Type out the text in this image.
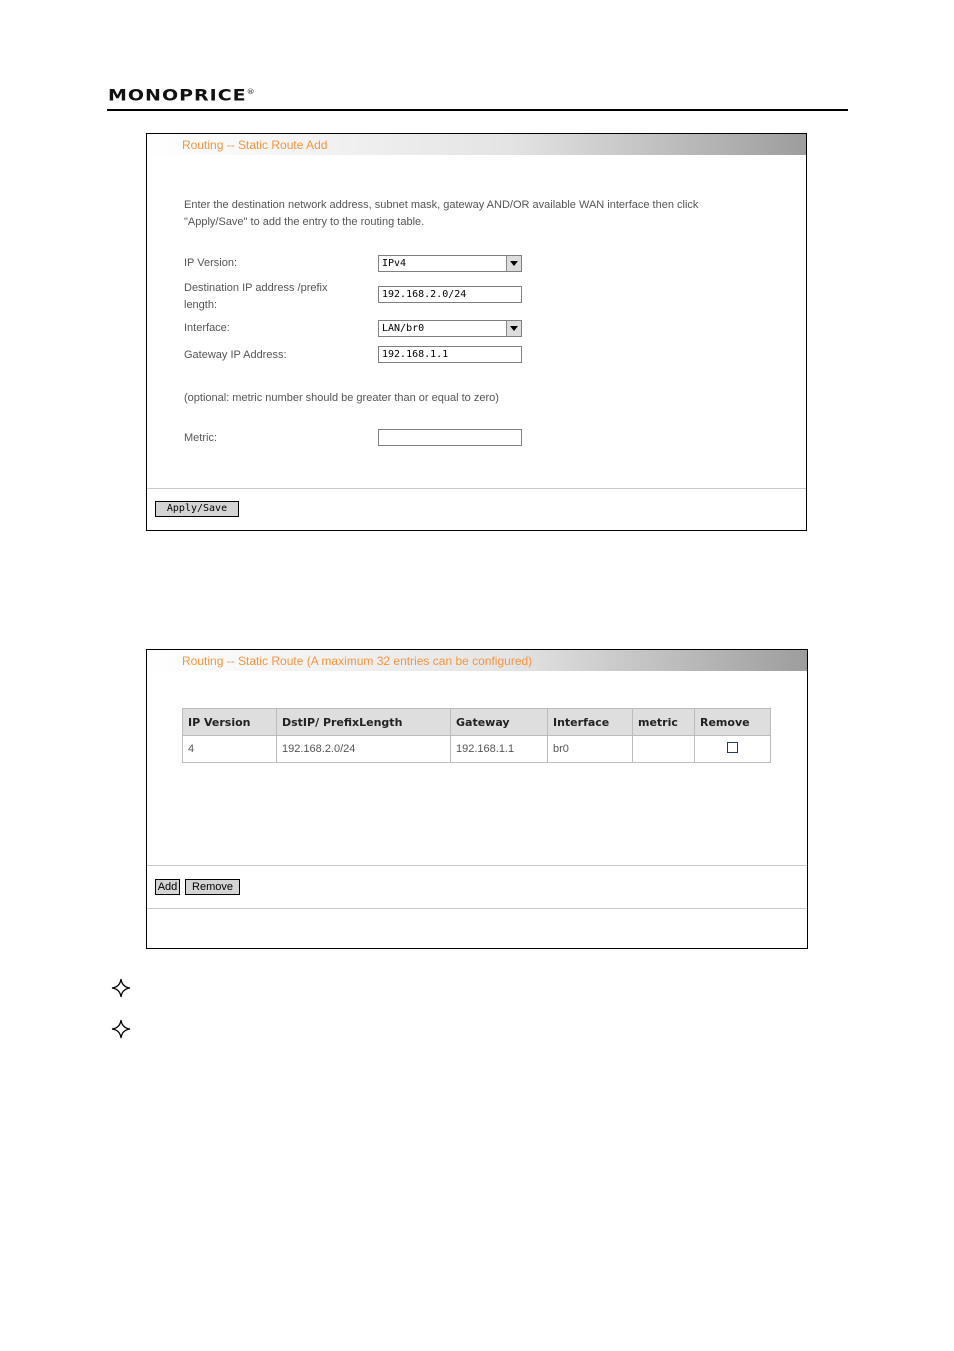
MONOPRICE®
Routing -- Static Route Add
Enter the destination network address, subnet mask, gateway AND/OR available WAN interface then click
"Apply/Save" to add the entry to the routing table.
IP Version:	IPv4
Destination IP address /prefix
length:
192.168.2.0/24
Interface:	LAN/br0
Gateway IP Address:	192.168.1.1
(optional: metric number should be greater than or equal to zero)
Metric:
Apply/Save
Routing -- Static Route (A maximum 32 entries can be configured)
IP Version	DstIP/ PrefixLength	Gateway	Interface	metric	Remove
4	192.168.2.0/24	192.168.1.1	br0		
Add	Remove
